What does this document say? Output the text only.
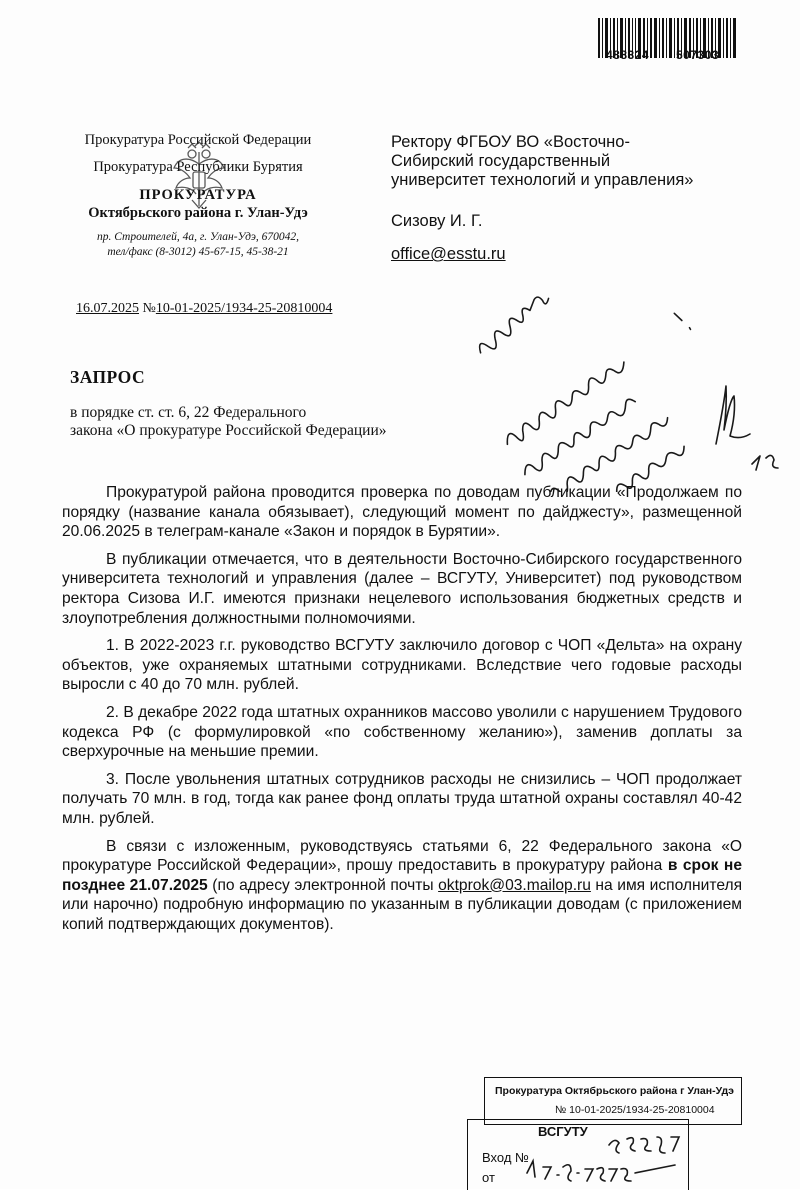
488324 507303
Прокуратура Российской Федерации
Прокуратура Республики Бурятия
ПРОКУРАТУРА
Октябрьского района г. Улан-Удэ
пр. Строителей, 4а, г. Улан-Удэ, 670042,
тел/факс (8-3012) 45-67-15, 45-38-21
16.07.2025 №10-01-2025/1934-25-20810004
Ректору ФГБОУ ВО «Восточно-
Сибирский государственный
университет технологий и управления»
Сизову И. Г.
office@esstu.ru
ЗАПРОС
в порядке ст. ст. 6, 22 Федерального
закона «О прокуратуре Российской Федерации»

Прокуратурой района проводится проверка по доводам публикации «Продолжаем по порядку (название канала обязывает), следующий момент по дайджесту», размещенной 20.06.2025 в телеграм-канале «Закон и порядок в Бурятии».

В публикации отмечается, что в деятельности Восточно-Сибирского государственного университета технологий и управления (далее – ВСГУТУ, Университет) под руководством ректора Сизова И.Г. имеются признаки нецелевого использования бюджетных средств и злоупотребления должностными полномочиями.

1. В 2022-2023 г.г. руководство ВСГУТУ заключило договор с ЧОП «Дельта» на охрану объектов, уже охраняемых штатными сотрудниками. Вследствие чего годовые расходы выросли с 40 до 70 млн. рублей.

2. В декабре 2022 года штатных охранников массово уволили с нарушением Трудового кодекса РФ (с формулировкой «по собственному желанию»), заменив доплаты за сверхурочные на меньшие премии.

3. После увольнения штатных сотрудников расходы не снизились – ЧОП продолжает получать 70 млн. в год, тогда как ранее фонд оплаты труда штатной охраны составлял 40-42 млн. рублей.

В связи с изложенным, руководствуясь статьями 6, 22 Федерального закона «О прокуратуре Российской Федерации», прошу предоставить в прокуратуру района в срок не позднее 21.07.2025 (по адресу электронной почты oktprok@03.mailop.ru на имя исполнителя или нарочно) подробную информацию по указанным в публикации доводам (с приложением копий подтверждающих документов).

Прокуратура Октябрьского района г Улан-Удэ
№ 10-01-2025/1934-25-20810004
ВСГУТУ
Вход №
от
